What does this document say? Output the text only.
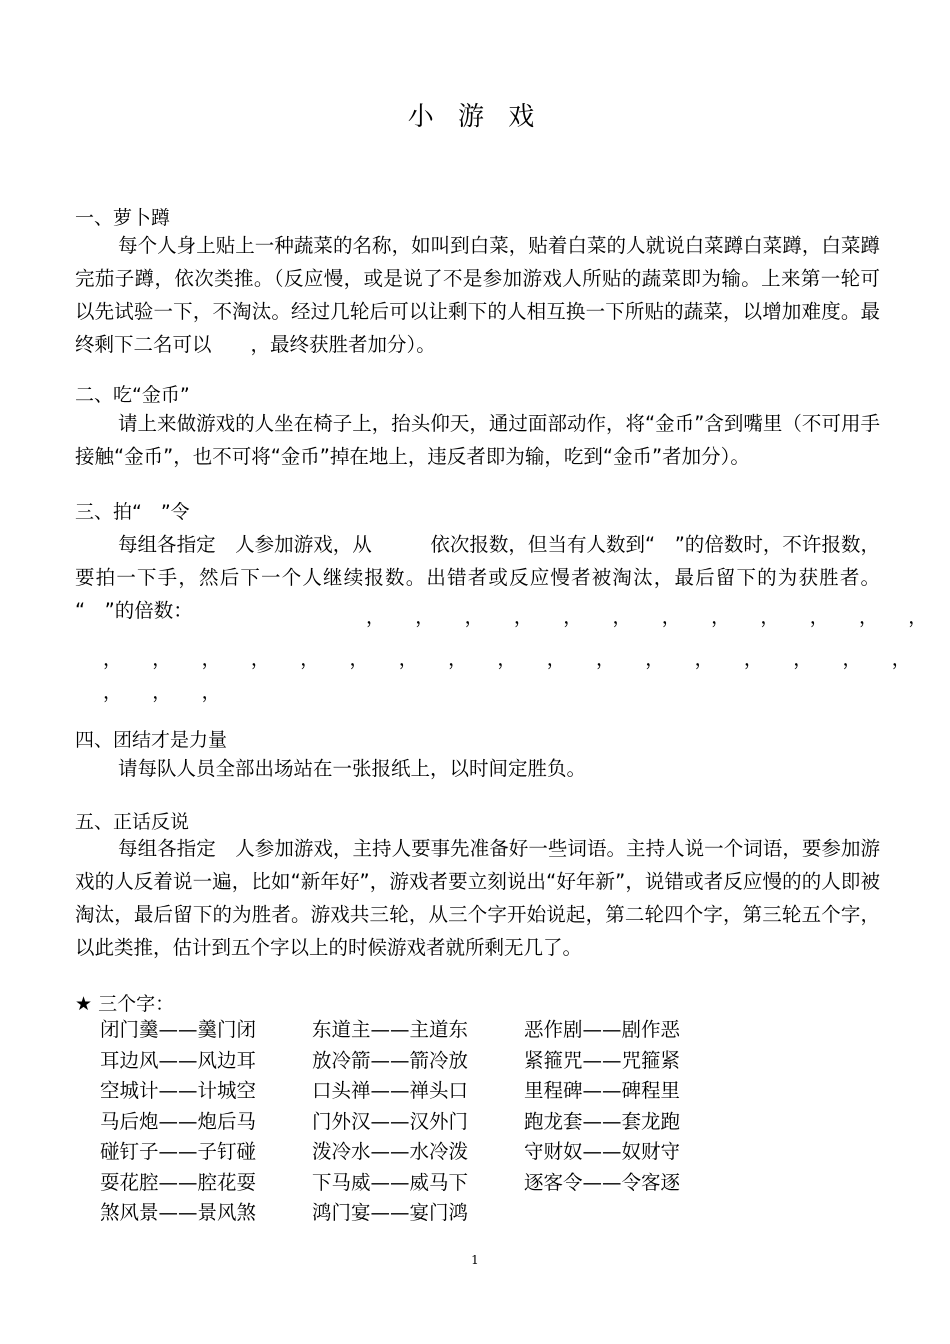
小 游 戏
一、萝卜蹲
每个人身上贴上一种蔬菜的名称，如叫到白菜，贴着白菜的人就说白菜蹲白菜蹲，白菜蹲完茄子蹲，依次类推。（反应慢，或是说了不是参加游戏人所贴的蔬菜即为输。上来第一轮可以先试验一下，不淘汰。经过几轮后可以让剩下的人相互换一下所贴的蔬菜，以增加难度。最终剩下二名可以　　，最终获胜者加分）。
二、吃“金币”
请上来做游戏的人坐在椅子上，抬头仰天，通过面部动作，将“金币”含到嘴里（不可用手接触“金币”，也不可将“金币”掉在地上，违反者即为输，吃到“金币”者加分）。
三、拍“　”令
每组各指定　人参加游戏，从　　　依次报数，但当有人数到“　”的倍数时，不许报数，要拍一下手，然后下一个人继续报数。出错者或反应慢者被淘汰，最后留下的为获胜者。 “　”的倍数：	，　　，　　，　　，　　，　　，　　，　　，　　，　　，　　，　　，
，　　，　　，　　，　　，　　，　　，　　，　　，　　，　　，　　，　　，　　，　　，　　，　　，
，　　，　　，
四、团结才是力量
请每队人员全部出场站在一张报纸上，以时间定胜负。
五、正话反说
每组各指定　人参加游戏，主持人要事先准备好一些词语。主持人说一个词语，要参加游戏的人反着说一遍，比如“新年好”，游戏者要立刻说出“好年新”，说错或者反应慢的的人即被淘汰，最后留下的为胜者。游戏共三轮，从三个字开始说起，第二轮四个字，第三轮五个字，以此类推，估计到五个字以上的时候游戏者就所剩无几了。
★ 三个字：
闭门羹——羹门闭
耳边风——风边耳
空城计——计城空
马后炮——炮后马
碰钉子——子钉碰
耍花腔——腔花耍
煞风景——景风煞
东道主——主道东
放冷箭——箭冷放
口头禅——禅头口
门外汉——汉外门
泼冷水——水冷泼
下马威——威马下
鸿门宴——宴门鸿
恶作剧——剧作恶
紧箍咒——咒箍紧
里程碑——碑程里
跑龙套——套龙跑
守财奴——奴财守
逐客令——令客逐
1
